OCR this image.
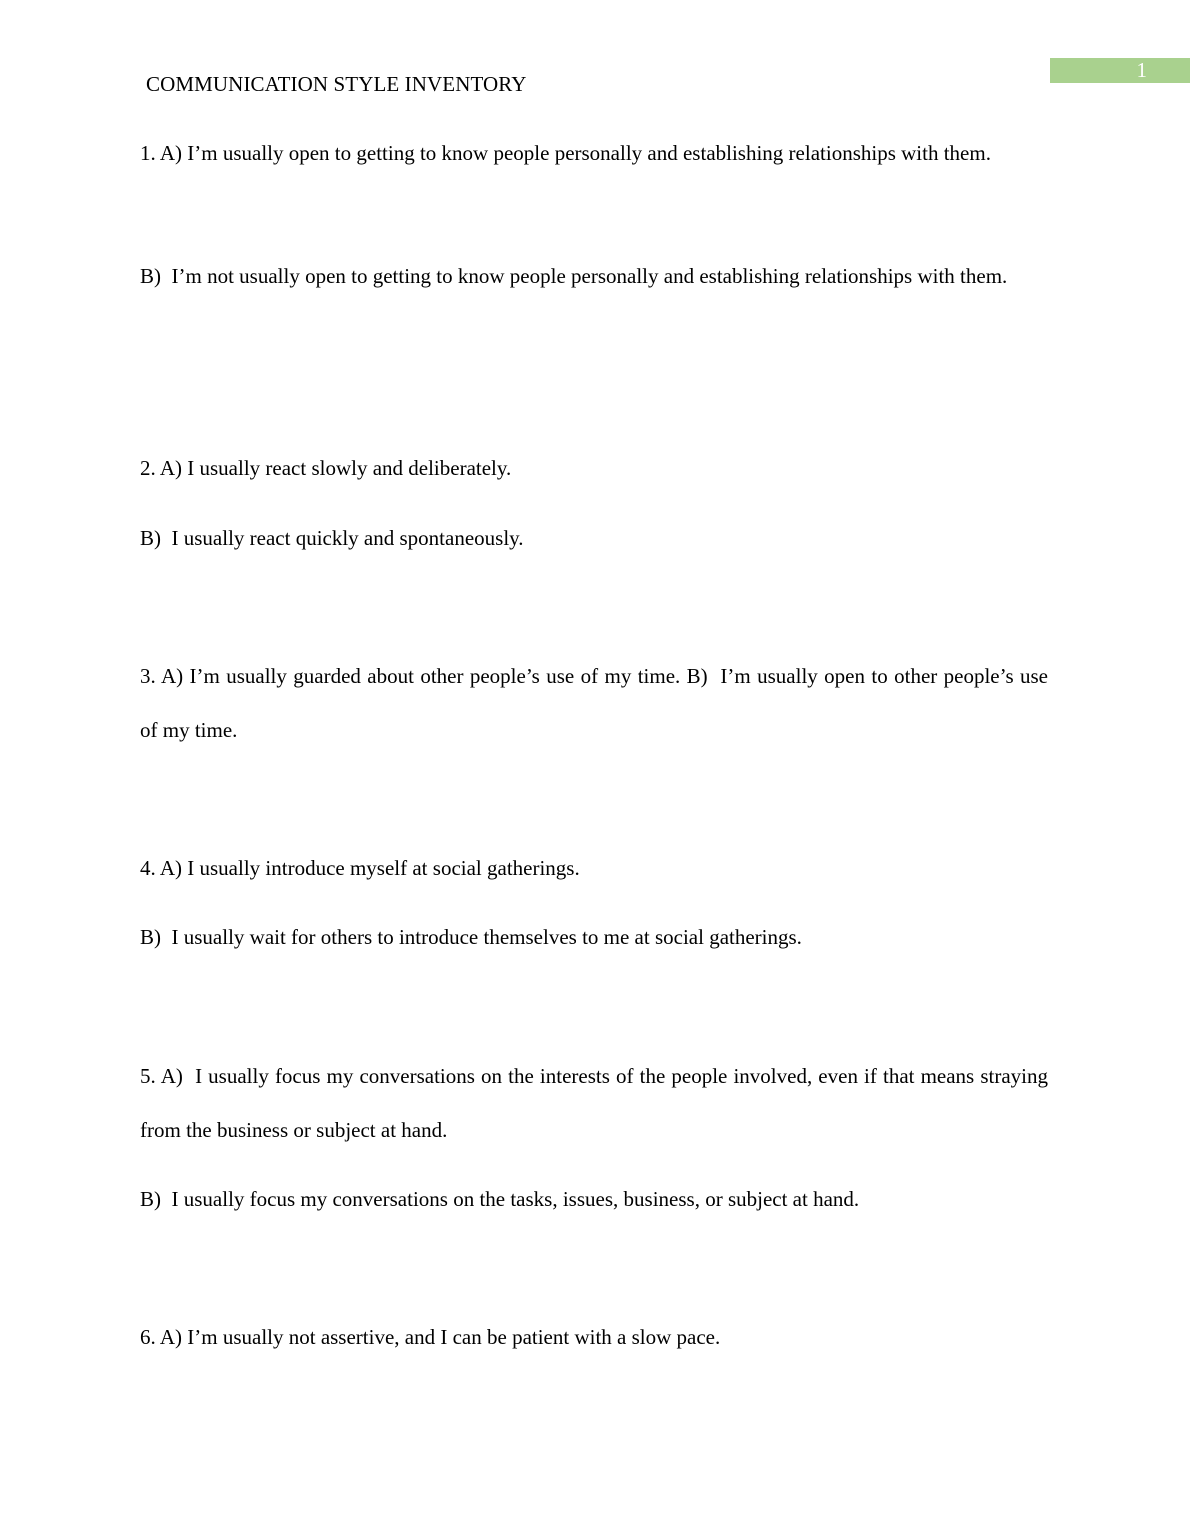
1
COMMUNICATION STYLE INVENTORY

1. A) I’m usually open to getting to know people personally and establishing relationships with them.

B)  I’m not usually open to getting to know people personally and establishing relationships with them.

2. A) I usually react slowly and deliberately.

B)  I usually react quickly and spontaneously.

3. A) I’m usually guarded about other people’s use of my time. B)  I’m usually open to other people’s use of my time.

4. A) I usually introduce myself at social gatherings.

B)  I usually wait for others to introduce themselves to me at social gatherings.

5. A)  I usually focus my conversations on the interests of the people involved, even if that means straying from the business or subject at hand.

B)  I usually focus my conversations on the tasks, issues, business, or subject at hand.

6. A) I’m usually not assertive, and I can be patient with a slow pace.
